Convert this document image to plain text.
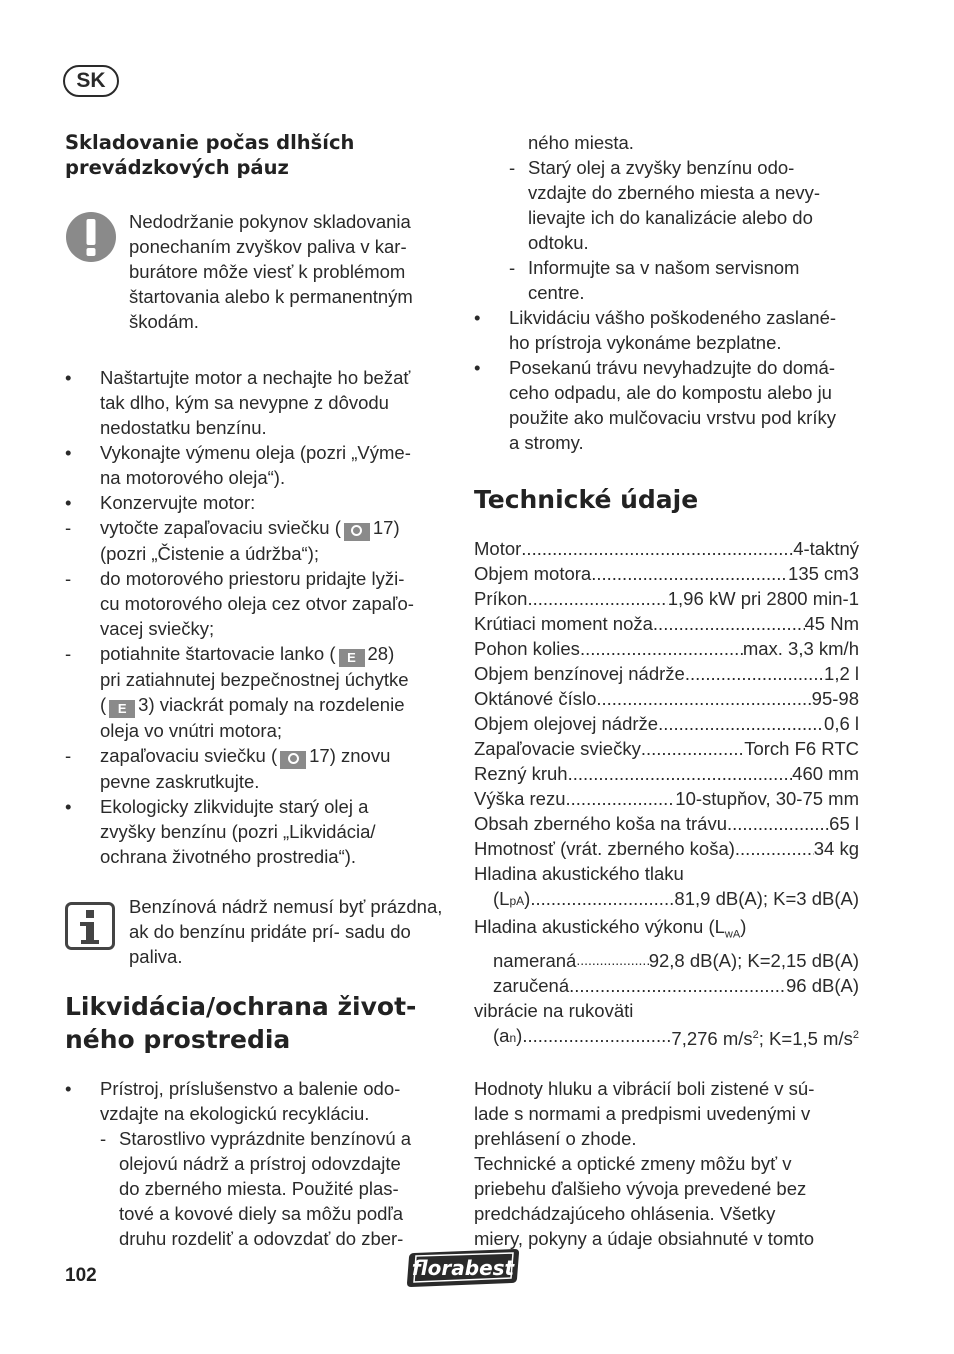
SK

Skladovanie počas dlhších
prevádzkových páuz

Nedodržanie pokynov skladovania ponechaním zvyškov paliva v kar- burátore môže viesť k problémom štartovania alebo k permanentným škodám.
• Naštartujte motor a nechajte ho bežať
tak dlho, kým sa nevypne z dôvodu
nedostatku benzínu.
• Vykonajte výmenu oleja (pozri „Výme-
na motorového oleja“).
• Konzervujte motor:
- vytočte zapaľovaciu sviečku ( 17)
(pozri „Čistenie a údržba“);
- do motorového priestoru pridajte lyži-
cu motorového oleja cez otvor zapaľo-
vacej sviečky;
- potiahnite štartovacie lanko ( E 28)
pri zatiahnutej bezpečnostnej úchytke
( E 3) viackrát pomaly na rozdelenie
oleja vo vnútri motora;
- zapaľovaciu sviečku ( 17) znovu
pevne zaskrutkujte.
• Ekologicky zlikvidujte starý olej a
zvyšky benzínu (pozri „Likvidácia/
ochrana životného prostredia“).
Benzínová nádrž nemusí byť prázdna, ak do benzínu pridáte prí- sadu do paliva.

Likvidácia/ochrana život-
ného prostredia

• Prístroj, príslušenstvo a balenie odo-
vzdajte na ekologickú recykláciu.
- Starostlivo vyprázdnite benzínovú a
olejovú nádrž a prístroj odovzdajte
do zberného miesta. Použité plas-
tové a kovové diely sa môžu podľa
druhu rozdeliť a odovzdať do zber-
ného miesta.
- Starý olej a zvyšky benzínu odo-
vzdajte do zberného miesta a nevy-
lievajte ich do kanalizácie alebo do
odtoku.
- Informujte sa v našom servisnom
centre.
• Likvidáciu vášho poškodeného zaslané-
ho prístroja vykonáme bezplatne.
• Posekanú trávu nevyhadzujte do domá-
ceho odpadu, ale do kompostu alebo ju
použite ako mulčovaciu vrstvu pod kríky
a stromy.

Technické údaje

Motor .....	4-taktný
Objem motora .....	135 cm3
Príkon .....	1,96 kW pri 2800 min-1
Krútiaci moment noža .....	45 Nm
Pohon kolies .....	max. 3,3 km/h
Objem benzínovej nádrže .....	1,2 l
Oktánové číslo .....	95-98
Objem olejovej nádrže .....	0,6 l
Zapaľovacie sviečky .....	Torch F6 RTC
Rezný kruh .....	460 mm
Výška rezu .....	10-stupňov, 30-75 mm
Obsah zberného koša na trávu .....	65 l
Hmotnosť (vrát. zberného koša) .....	34 kg
Hladina akustického tlaku
(LpA) .....	81,9 dB(A); K=3 dB(A)
Hladina akustického výkonu $(L_{wA})$
nameraná .....	92,8 dB(A); K=2,15 dB(A)
zaručená .....	96 dB(A)
vibrácie na rukoväti
(an) .....	7,276 $m/s^2$; K=1,5 $m/s^2$

Hodnoty hluku a vibrácií boli zistené v sú-
lade s normami a predpismi uvedenými v
prehlásení o zhode.

Technické a optické zmeny môžu byť v
priebehu ďalšieho vývoja prevedené bez
predchádzajúceho ohlásenia. Všetky
miery, pokyny a údaje obsiahnuté v tomto

102	florabest
